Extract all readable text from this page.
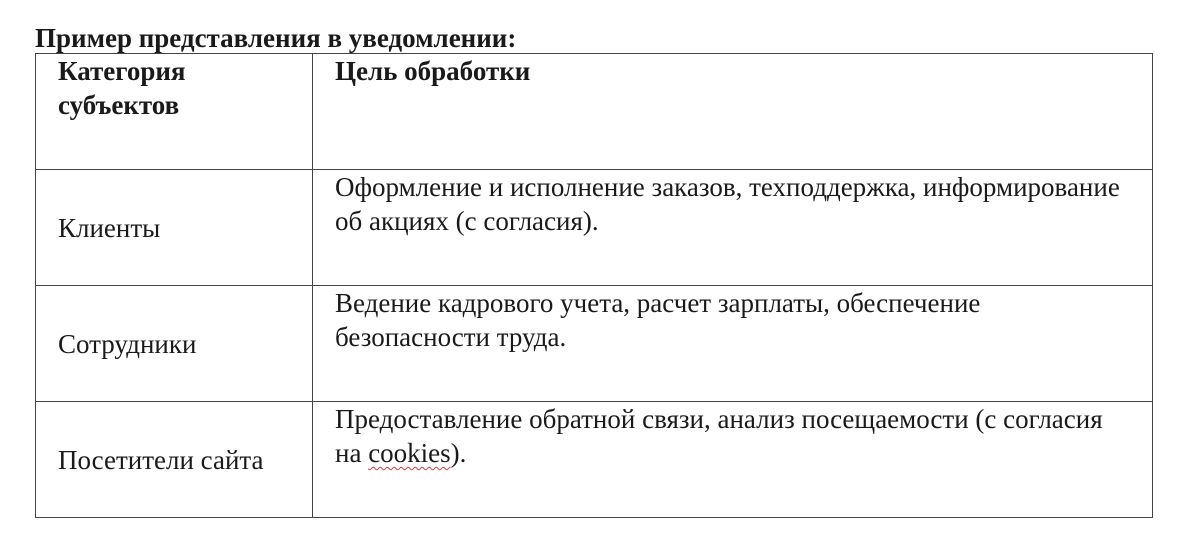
Пример представления в уведомлении:
Категория субъектов	Цель обработки
Клиенты	Оформление и исполнение заказов, техподдержка, информирование об акциях (с согласия).
Сотрудники	Ведение кадрового учета, расчет зарплаты, обеспечение безопасности труда.
Посетители сайта	Предоставление обратной связи, анализ посещаемости (с согласия на cookies).
